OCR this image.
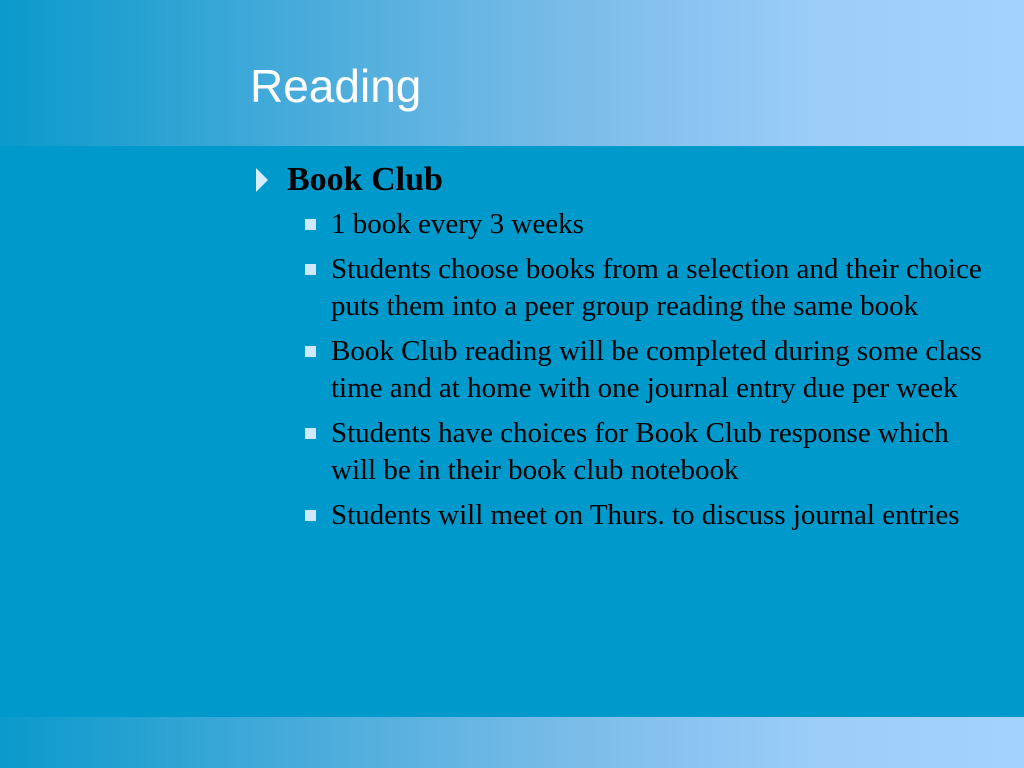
Reading
Book Club
1 book every 3 weeks
Students choose books from a selection and their choice puts them into a peer group reading the same book
Book Club reading will be completed during some class time and at home with one journal entry due per week
Students have choices for Book Club response which will be in their book club notebook
Students will meet on Thurs. to discuss journal entries
